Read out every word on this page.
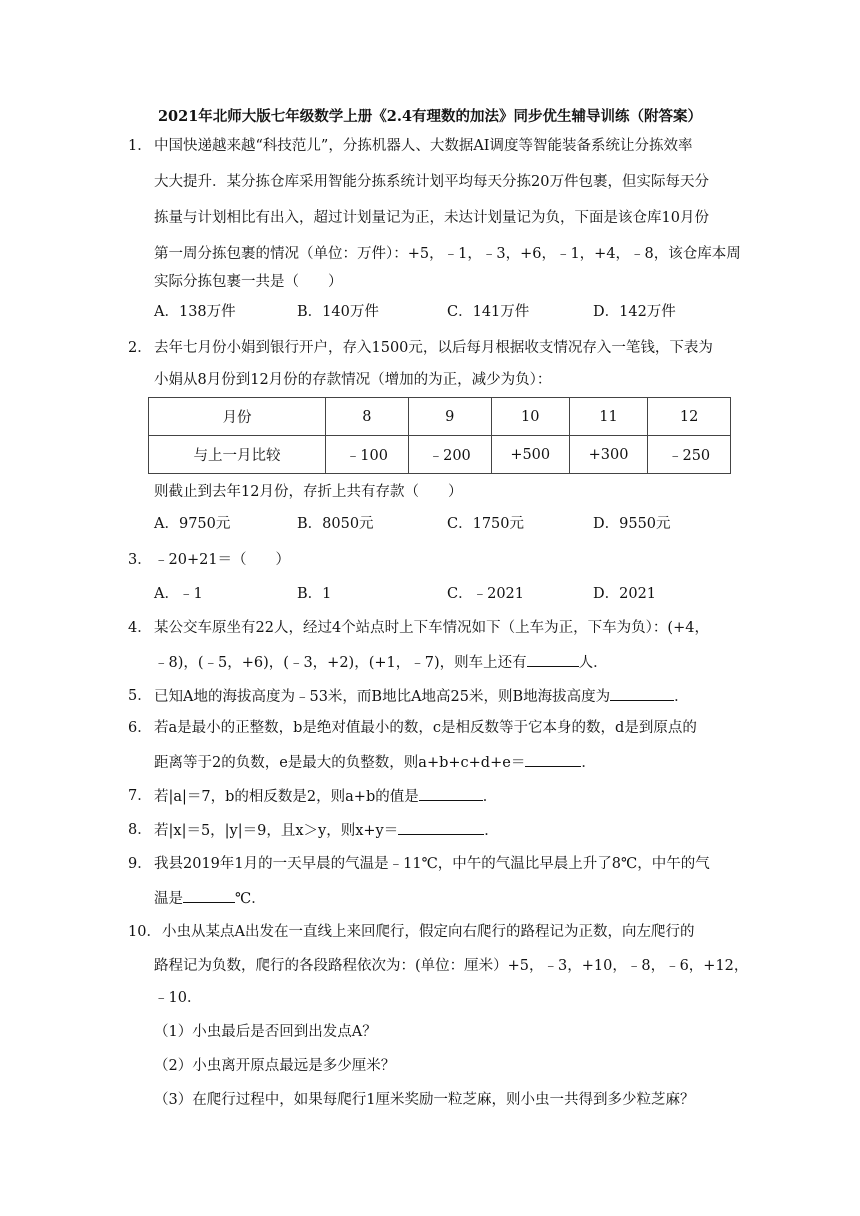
2021年北师大版七年级数学上册《2.4有理数的加法》同步优生辅导训练（附答案）
1． 中国快递越来越“科技范儿”，分拣机器人、大数据AI调度等智能装备系统让分拣效率
大大提升．某分拣仓库采用智能分拣系统计划平均每天分拣20万件包裹，但实际每天分
拣量与计划相比有出入，超过计划量记为正，未达计划量记为负，下面是该仓库10月份
第一周分拣包裹的情况（单位：万件）：+5，﹣1，﹣3，+6，﹣1，+4，﹣8，该仓库本周
实际分拣包裹一共是（　　）
A．138万件	B．140万件	C．141万件	D．142万件
2． 去年七月份小娟到银行开户，存入1500元，以后每月根据收支情况存入一笔钱，下表为
小娟从8月份到12月份的存款情况（增加的为正，减少为负）：
月份	8	9	10	11	12
与上一月比较	﹣100	﹣200	+500	+300	﹣250
则截止到去年12月份，存折上共有存款（　　）
A．9750元	B．8050元	C．1750元	D．9550元
3． ﹣20+21＝（　　）
A．﹣1	B．1	C．﹣2021	D．2021
4． 某公交车原坐有22人，经过4个站点时上下车情况如下（上车为正，下车为负）：(+4，
﹣8)，(﹣5，+6)，(﹣3，+2)，(+1，﹣7)，则车上还有	人．
5． 已知A地的海拔高度为﹣53米，而B地比A地高25米，则B地海拔高度为	．
6． 若a是最小的正整数，b是绝对值最小的数，c是相反数等于它本身的数，d是到原点的
距离等于2的负数，e是最大的负整数，则a+b+c+d+e＝	．
7． 若|a|＝7，b的相反数是2，则a+b的值是	．
8． 若|x|＝5，|y|＝9，且x＞y，则x+y＝	．
9． 我县2019年1月的一天早晨的气温是﹣11℃，中午的气温比早晨上升了8℃，中午的气
温是	℃．
10． 小虫从某点A出发在一直线上来回爬行，假定向右爬行的路程记为正数，向左爬行的
路程记为负数，爬行的各段路程依次为：(单位：厘米）+5，﹣3，+10，﹣8，﹣6，+12，
﹣10．
（1）小虫最后是否回到出发点A？
（2）小虫离开原点最远是多少厘米？
（3）在爬行过程中，如果每爬行1厘米奖励一粒芝麻，则小虫一共得到多少粒芝麻？
